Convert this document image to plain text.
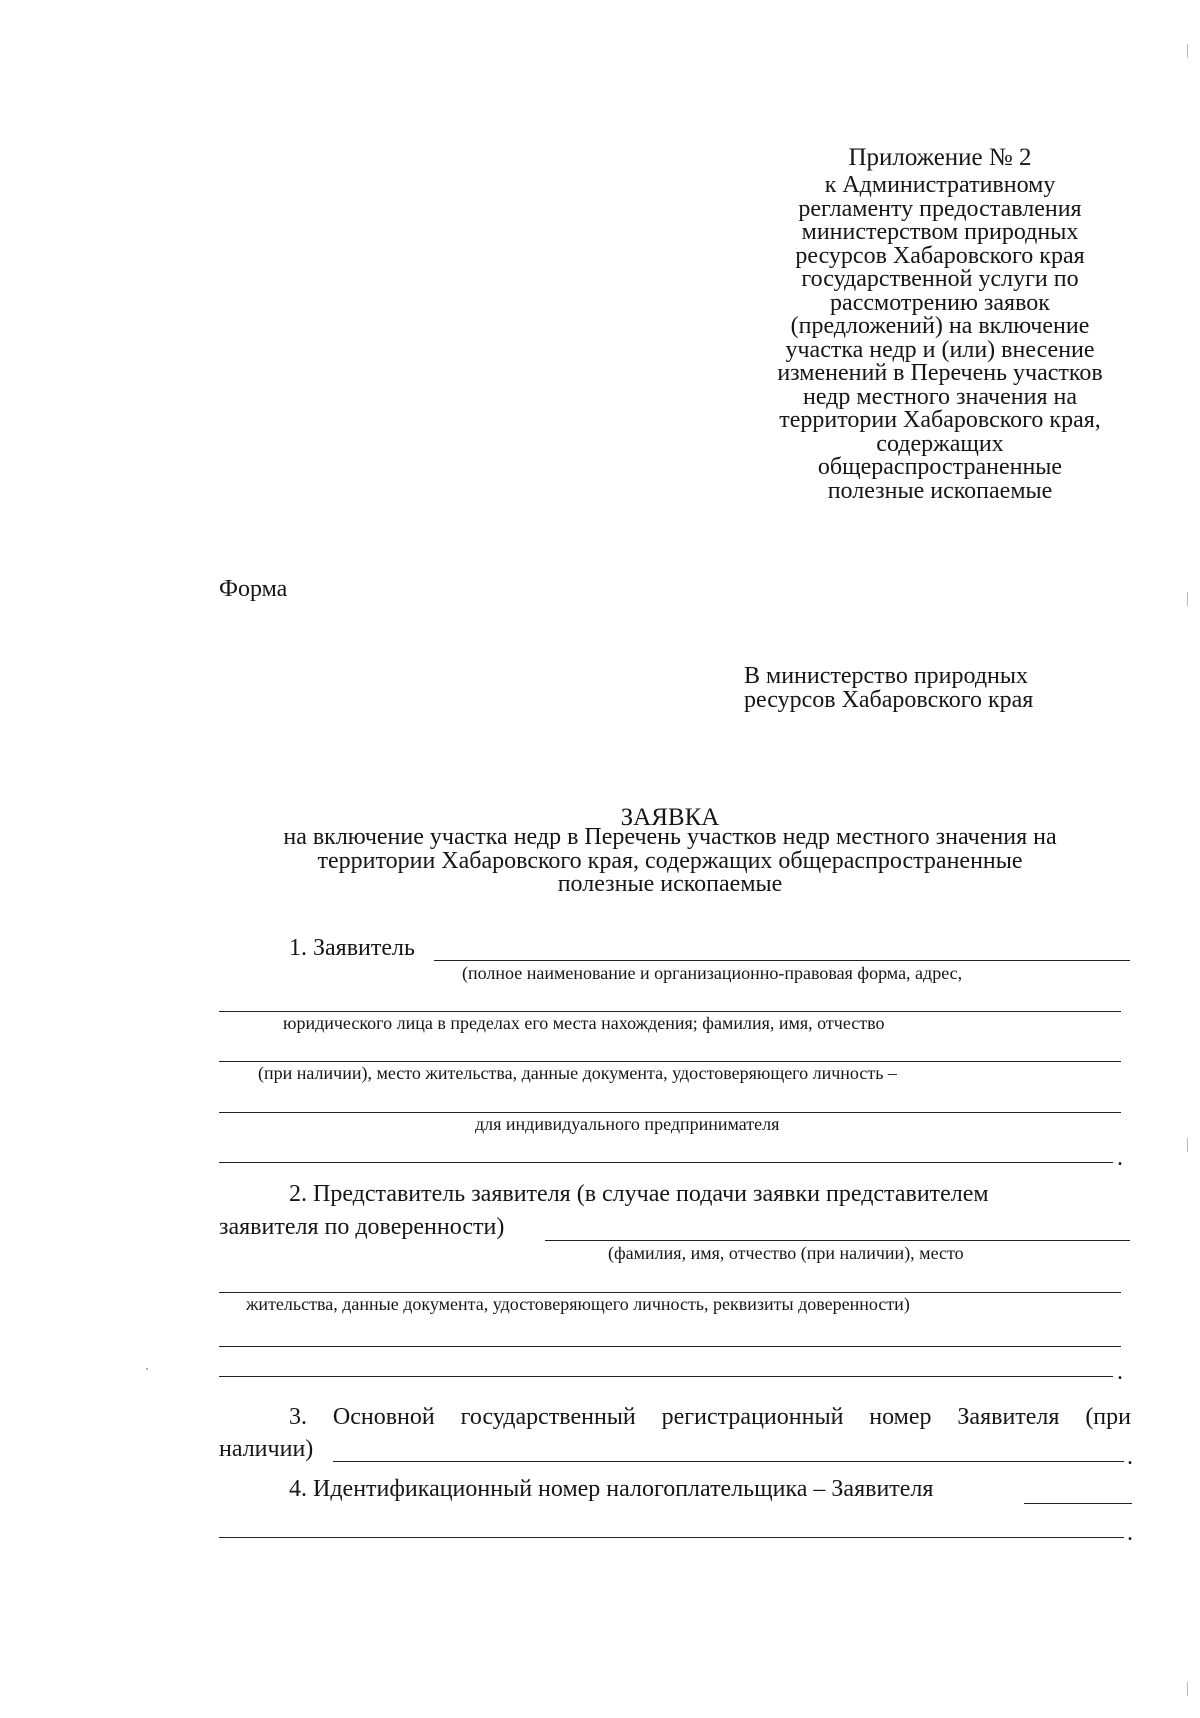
Приложение № 2
к Административному
регламенту предоставления
министерством природных
ресурсов Хабаровского края
государственной услуги по
рассмотрению заявок
(предложений) на включение
участка недр и (или) внесение
изменений в Перечень участков
недр местного значения на
территории Хабаровского края,
содержащих
общераспространенные
полезные ископаемые
Форма
В министерство природных
ресурсов Хабаровского края
ЗАЯВКА
на включение участка недр в Перечень участков недр местного значения на
территории Хабаровского края, содержащих общераспространенные
полезные ископаемые
1. Заявитель
(полное наименование и организационно-правовая форма, адрес,
юридического лица в пределах его места нахождения; фамилия, имя, отчество
(при наличии), место жительства, данные документа, удостоверяющего личность –
для индивидуального предпринимателя
.
2. Представитель заявителя (в случае подачи заявки представителем
заявителя по доверенности)
(фамилия, имя, отчество (при наличии), место
жительства, данные документа, удостоверяющего личность, реквизиты доверенности)
.
3. Основной государственный регистрационный номер Заявителя (при
наличии)	.
4. Идентификационный номер налогоплательщика – Заявителя
.
